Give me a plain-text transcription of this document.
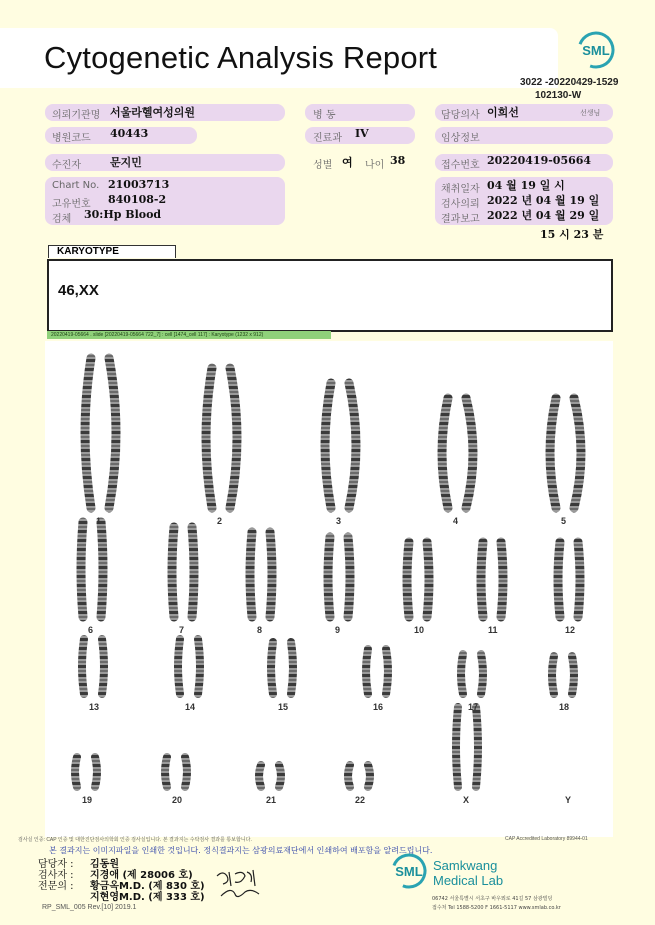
Cytogenetic Analysis Report	SML
3022 -20220429-1529
102130-W
의뢰기관명 서울라헬여성의원	병 동	담당의사 이희선	선생님
병원코드 40443	진료과 IV	임상정보
수진자	문지민	성별 여 나이 38	접수번호 20220419-05664
Chart No. 21003713
고유번호 840108-2
검체 30:Hp Blood
채취일자 04 월 19 일 시
검사의뢰 2022 년 04 월 19 일
결과보고 2022 년 04 월 29 일
15 시 23 분
KARYOTYPE
46,XX
20220419-05664 . slide [20220419-05664 722_7] : cell [1474_cell 117] : Karyotype (1232 x 912)
1	2	3	4	5
6	7	8	9	10	11	12
13	14	15	16	17	18
19	20	21	22	X	Y
검사실 인증: CAP 인증 및 대한진단검사의학회 인증 검사실입니다. 본 결과지는 수탁검사 결과를 통보합니다.	CAP Accredited Laboratory 89944-01
본 결과지는 이미지파일을 인쇄한 것입니다. 정식결과지는 삼광의료재단에서 인쇄하여 배포함을 알려드립니다.
담당자 : 김동원
검사자 : 지경애 (제 28006 호)
전문의 : 황금옥M.D. (제 830 호)
지현영M.D. (제 333 호)
SML Samkwang
Medical Lab
06742 서울특별시 서초구 바우뫼로 41길 57 삼광빌딩
접수처 Tel 1588-5200 F 1661-5117 www.smlab.co.kr
RP_SML_005 Rev.[10] 2019.1
